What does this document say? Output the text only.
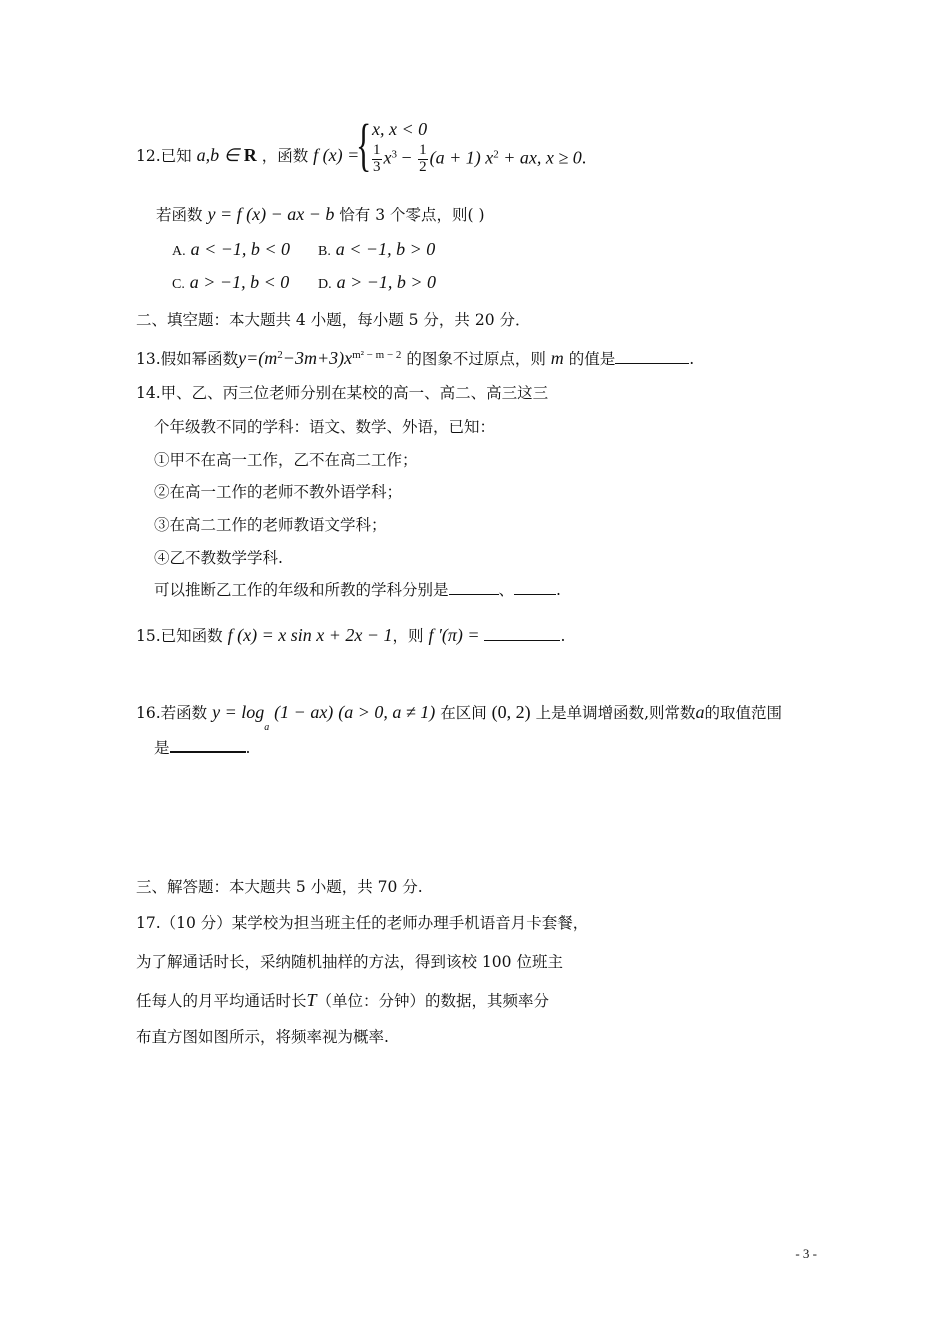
12.已知 a,b ∈ R ，函数 f (x) =
{ x, x < 0
$\frac{1}{3} x^3 - \frac{1}{2} (a + 1) x^2$ + ax, x ≥ 0.
若函数 y = f (x) − ax − b 恰有 3 个零点，则( )
A. a < −1, b < 0 B. a < −1, b > 0
C. a > −1, b < 0 D. a > −1, b > 0
二、填空题：本大题共 4 小题，每小题 5 分，共 20 分．
13.假如幂函数$y=(m^2-3m+3)x^{m^2 - m - 2}$ 的图象不过原点，则 m 的值是	.
14.甲、乙、丙三位老师分别在某校的高一、高二、高三这三
个年级教不同的学科：语文、数学、外语，已知：
①甲不在高一工作，乙不在高二工作；
②在高一工作的老师不教外语学科；
③在高二工作的老师教语文学科；
④乙不教数学学科.
可以推断乙工作的年级和所教的学科分别是	、	.
15.已知函数 f (x) = x sin x + 2x − 1，则 f ′(π) =	.
16.若函数 $y = \log_a (1 - ax) (a > 0$, a ≠ 1) 在区间 (0, 2) 上是单调增函数,则常数a的取值范围
是	.
三、解答题：本大题共 5 小题，共 70 分.
17.（10 分）某学校为担当班主任的老师办理手机语音月卡套餐，
为了解通话时长，采纳随机抽样的方法，得到该校 100 位班主
任每人的月平均通话时长T（单位：分钟）的数据，其频率分
布直方图如图所示，将频率视为概率.
- 3 -
